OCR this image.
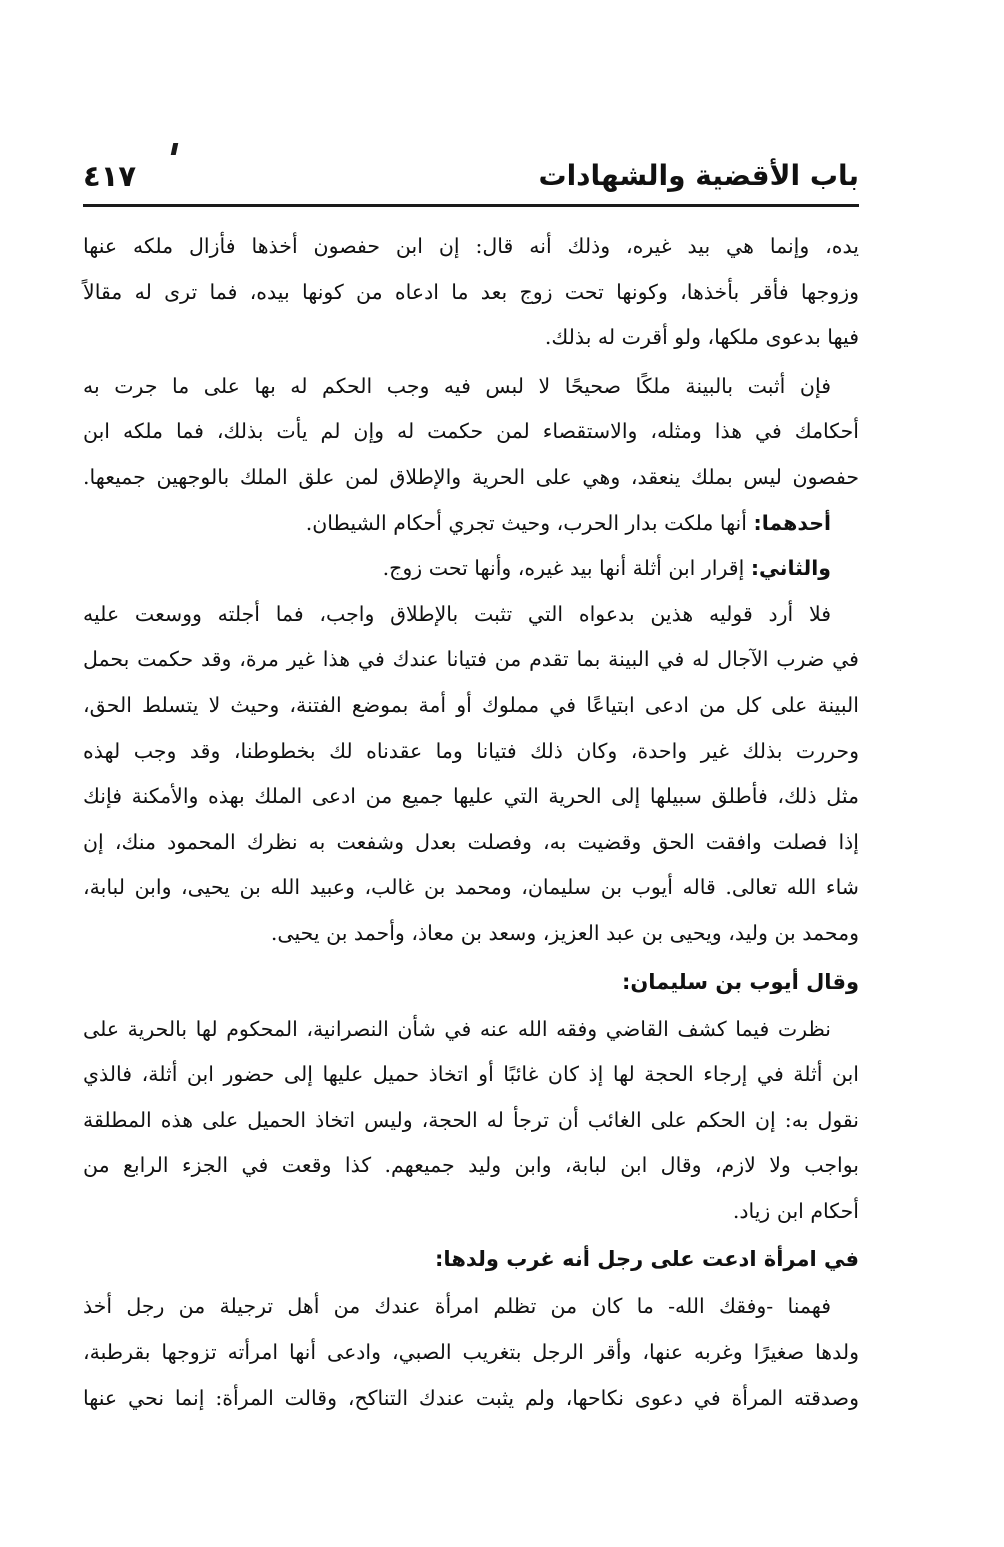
باب الأقضية والشهادات
٤١٧
يده، وإنما هي بيد غيره، وذلك أنه قال: إن ابن حفصون أخذها فأزال ملكه عنها
وزوجها فأقر بأخذها، وكونها تحت زوج بعد ما ادعاه من كونها بيده، فما ترى له مقالاً
فيها بدعوى ملكها، ولو أقرت له بذلك.
فإن أثبت بالبينة ملكًا صحيحًا لا لبس فيه وجب الحكم له بها على ما جرت به
أحكامك في هذا ومثله، والاستقصاء لمن حكمت له وإن لم يأت بذلك، فما ملكه ابن
حفصون ليس بملك ينعقد، وهي على الحرية والإطلاق لمن علق الملك بالوجهين جميعها.
أحدهما: أنها ملكت بدار الحرب، وحيث تجري أحكام الشيطان.
والثاني: إقرار ابن أثلة أنها بيد غيره، وأنها تحت زوج.
فلا أرد قوليه هذين بدعواه التي تثبت بالإطلاق واجب، فما أجلته ووسعت عليه
في ضرب الآجال له في البينة بما تقدم من فتيانا عندك في هذا غير مرة، وقد حكمت بحمل
البينة على كل من ادعى ابتياعًا في مملوك أو أمة بموضع الفتنة، وحيث لا يتسلط الحق،
وحررت بذلك غير واحدة، وكان ذلك فتيانا وما عقدناه لك بخطوطنا، وقد وجب لهذه
مثل ذلك، فأطلق سبيلها إلى الحرية التي عليها جميع من ادعى الملك بهذه والأمكنة فإنك
إذا فصلت وافقت الحق وقضيت به، وفصلت بعدل وشفعت به نظرك المحمود منك، إن
شاء الله تعالى. قاله أيوب بن سليمان، ومحمد بن غالب، وعبيد الله بن يحيى، وابن لبابة،
ومحمد بن وليد، ويحيى بن عبد العزيز، وسعد بن معاذ، وأحمد بن يحيى.
وقال أيوب بن سليمان:
نظرت فيما كشف القاضي وفقه الله عنه في شأن النصرانية، المحكوم لها بالحرية على
ابن أثلة في إرجاء الحجة لها إذ كان غائبًا أو اتخاذ حميل عليها إلى حضور ابن أثلة، فالذي
نقول به: إن الحكم على الغائب أن ترجأ له الحجة، وليس اتخاذ الحميل على هذه المطلقة
بواجب ولا لازم، وقال ابن لبابة، وابن وليد جميعهم. كذا وقعت في الجزء الرابع من
أحكام ابن زياد.
في امرأة ادعت على رجل أنه غرب ولدها:
فهمنا -وفقك الله- ما كان من تظلم امرأة عندك من أهل ترجيلة من رجل أخذ
ولدها صغيرًا وغربه عنها، وأقر الرجل بتغريب الصبي، وادعى أنها امرأته تزوجها بقرطبة،
وصدقته المرأة في دعوى نكاحها، ولم يثبت عندك التناكح، وقالت المرأة: إنما نحي عنها
